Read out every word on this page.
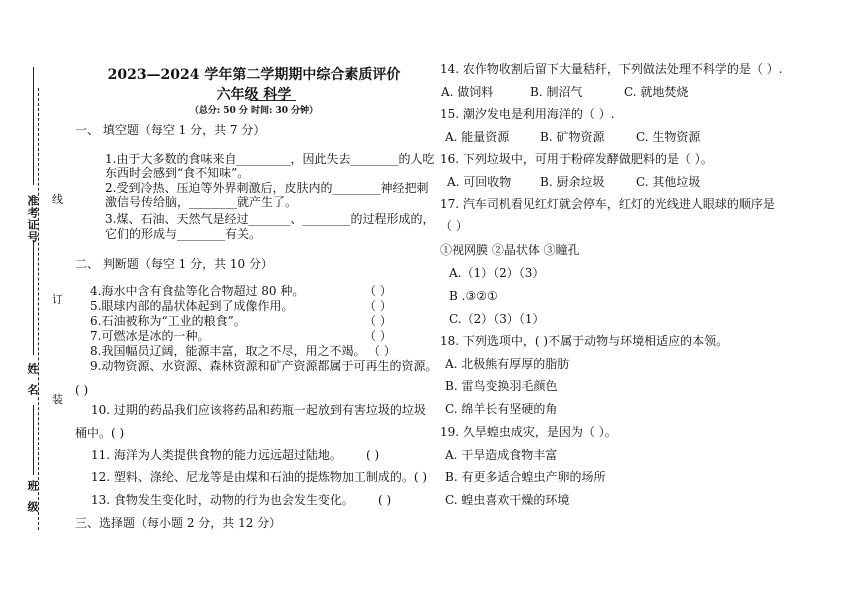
准考证号 线
订
装
姓名
班级
2023—2024 学年第二学期期中综合素质评价
六年级 科学
（总分: 50 分 时间: 30 分钟）
一、 填空题（每空 1 分，共 7 分）
1.由于大多数的食味来自_________，因此失去________的人吃
东西时会感到“食不知味”。
2.受到冷热、压迫等外界刺激后，皮肤内的________神经把刺
激信号传给脑，________就产生了。
3.煤、石油、天然气是经过_______、________的过程形成的，
它们的形成与________有关。
二、 判断题（每空 1 分，共 10 分）
4.海水中含有食盐等化合物超过 80 种。	（ ）
5.眼球内部的晶状体起到了成像作用。	（ ）
6.石油被称为“工业的粮食”。	（ ）
7.可燃冰是冰的一种。	（ ）
8.我国幅员辽阔，能源丰富，取之不尽，用之不竭。 （ ）
9.动物资源、水资源、森林资源和矿产资源都属于可再生的资源。
( )
10. 过期的药品我们应该将药品和药瓶一起放到有害垃圾的垃圾
桶中。( )
11. 海洋为人类提供食物的能力远远超过陆地。 ( )
12. 塑料、涤纶、尼龙等是由煤和石油的提炼物加工制成的。( )
13. 食物发生变化时，动物的行为也会发生变化。 ( )
三、选择题（每小题 2 分，共 12 分）
14. 农作物收割后留下大量秸秆，下列做法处理不科学的是（ ）.
A. 做饲料	B. 制沼气	C. 就地焚烧
15. 潮汐发电是利用海洋的（ ）.
A. 能量资源	B. 矿物资源	C. 生物资源
16. 下列垃圾中，可用于粉碎发酵做肥料的是（ ）。
A. 可回收物 B. 厨余垃圾	C. 其他垃圾
17. 汽车司机看见红灯就会停车，红灯的光线进人眼球的顺序是
（ ）
①视网膜 ②晶状体 ③瞳孔
A.（1）（2）（3）
B .③②①
C.（2）（3）（1）
18. 下列选项中，( )不属于动物与环境相适应的本领。
A. 北极熊有厚厚的脂肪
B. 雷鸟变换羽毛颜色
C. 绵羊长有坚硬的角
19. 久旱蝗虫成灾，是因为（ ）。
A. 干旱造成食物丰富
B. 有更多适合蝗虫产卵的场所
C. 蝗虫喜欢干燥的环境
